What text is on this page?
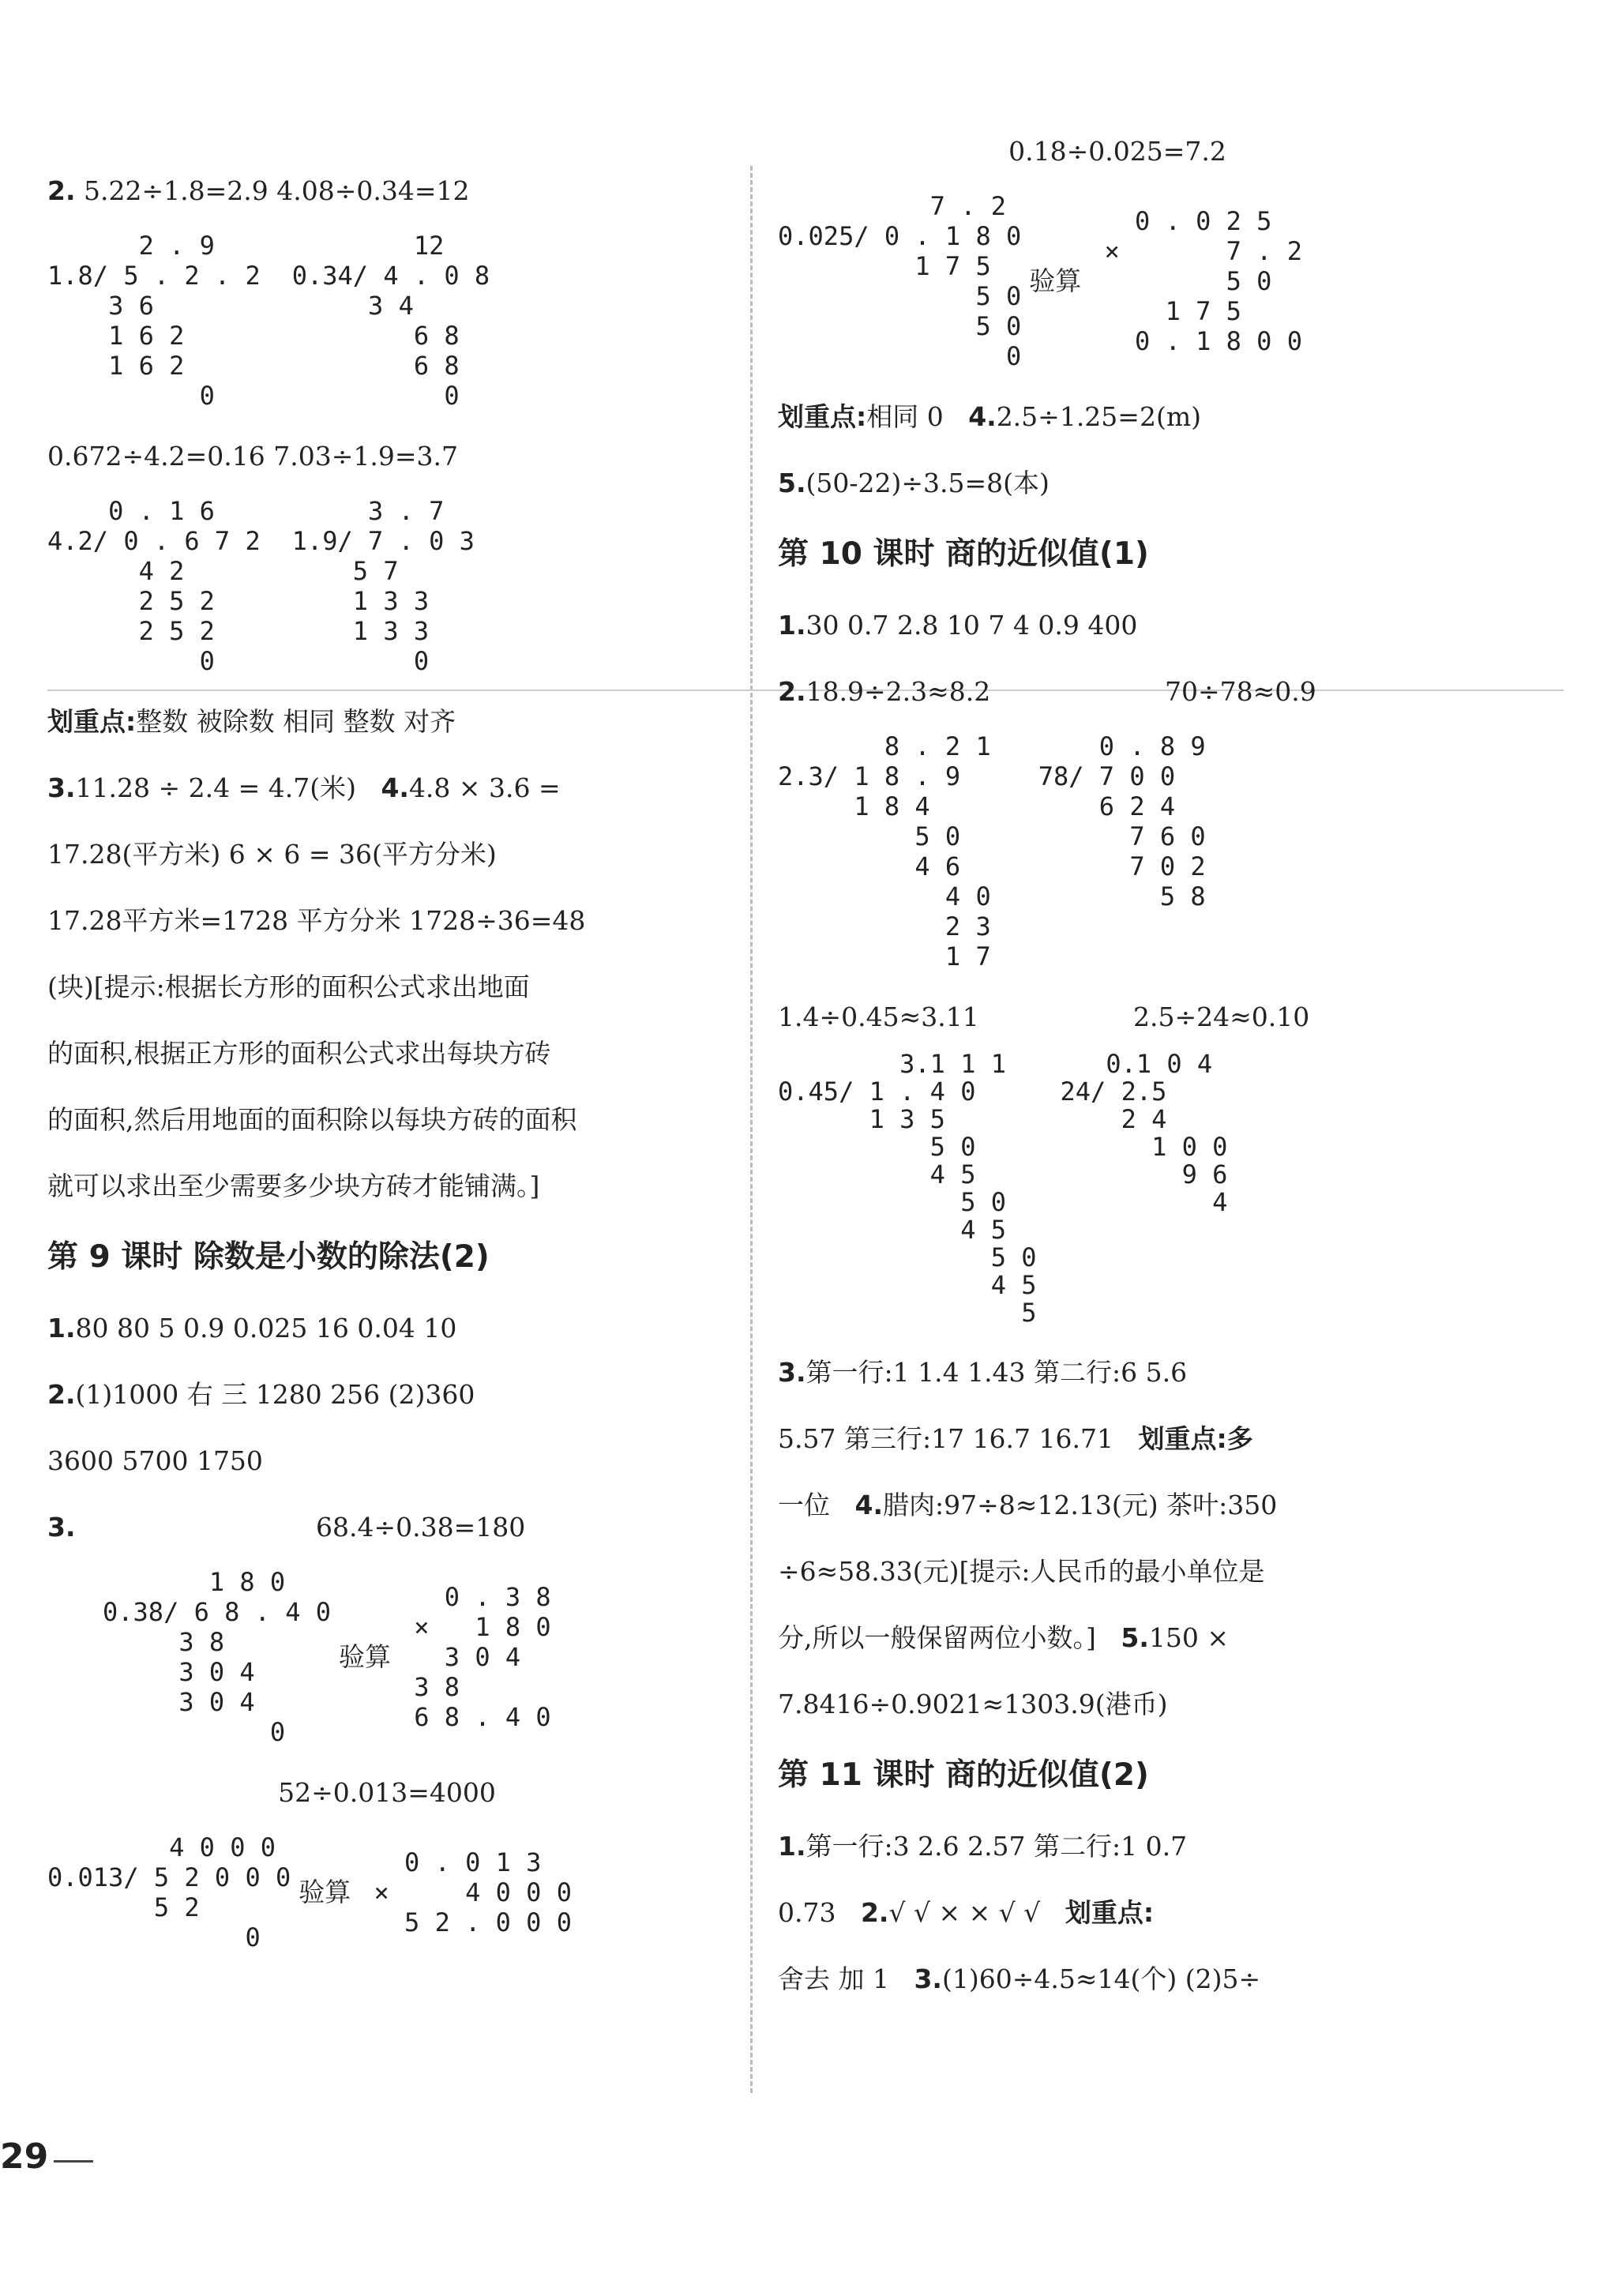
2. 5.22÷1.8=2.9 4.08÷0.34=12
2 . 9
1.8/ 5 . 2 . 2
3 6
1 6 2
1 6 2
0
12
0.34/ 4 . 0 8
3 4
6 8
6 8
0
0.672÷4.2=0.16 7.03÷1.9=3.7
0 . 1 6
4.2/ 0 . 6 7 2
4 2
2 5 2
2 5 2
0
3 . 7
1.9/ 7 . 0 3
5 7
1 3 3
1 3 3
0
划重点:整数 被除数 相同 整数 对齐
3.11.28 ÷ 2.4 = 4.7(米) 4.4.8 × 3.6 =
17.28(平方米) 6 × 6 = 36(平方分米)
17.28平方米=1728 平方分米 1728÷36=48
(块)[提示:根据长方形的面积公式求出地面
的面积,根据正方形的面积公式求出每块方砖
的面积,然后用地面的面积除以每块方砖的面积
就可以求出至少需要多少块方砖才能铺满。]
第 9 课时 除数是小数的除法(2)
1.80 80 5 0.9 0.025 16 0.04 10
2.(1)1000 右 三 1280 256 (2)360
3600 5700 1750
3.	68.4÷0.38=180
1 8 0
0.38/ 6 8 . 4 0
3 8
3 0 4
3 0 4
0
验算
0 . 3 8
×   1 8 0
3 0 4
3 8
6 8 . 4 0
52÷0.013=4000
4 0 0 0
0.013/ 5 2 0 0 0
5 2
0
验算
0 . 0 1 3
×     4 0 0 0
5 2 . 0 0 0
0.18÷0.025=7.2
7 . 2
0.025/ 0 . 1 8 0
1 7 5
5 0
5 0
0
验算
0 . 0 2 5
×       7 . 2
5 0
1 7 5
0 . 1 8 0 0
划重点:相同 0 4.2.5÷1.25=2(m)
5.(50-22)÷3.5=8(本)
第 10 课时 商的近似值(1)
1.30 0.7 2.8 10 7 4 0.9 400
2.18.9÷2.3≈8.2	70÷78≈0.9
8 . 2 1
2.3/ 1 8 . 9
1 8 4
5 0
4 6
4 0
2 3
1 7
0 . 8 9
78/ 7 0 0
6 2 4
7 6 0
7 0 2
5 8
1.4÷0.45≈3.11	2.5÷24≈0.10
3.1 1 1
0.45/ 1 . 4 0
1 3 5
5 0
4 5
5 0
4 5
5 0
4 5
5
0.1 0 4
24/ 2.5
2 4
1 0 0
9 6
4
3.第一行:1 1.4 1.43 第二行:6 5.6
5.57 第三行:17 16.7 16.71 划重点:多
一位 4.腊肉:97÷8≈12.13(元) 茶叶:350
÷6≈58.33(元)[提示:人民币的最小单位是
分,所以一般保留两位小数。] 5.150 ×
7.8416÷0.9021≈1303.9(港币)
第 11 课时 商的近似值(2)
1.第一行:3 2.6 2.57 第二行:1 0.7
0.73 2.√ √ × × √ √ 划重点:
舍去 加 1 3.(1)60÷4.5≈14(个) (2)5÷
29
